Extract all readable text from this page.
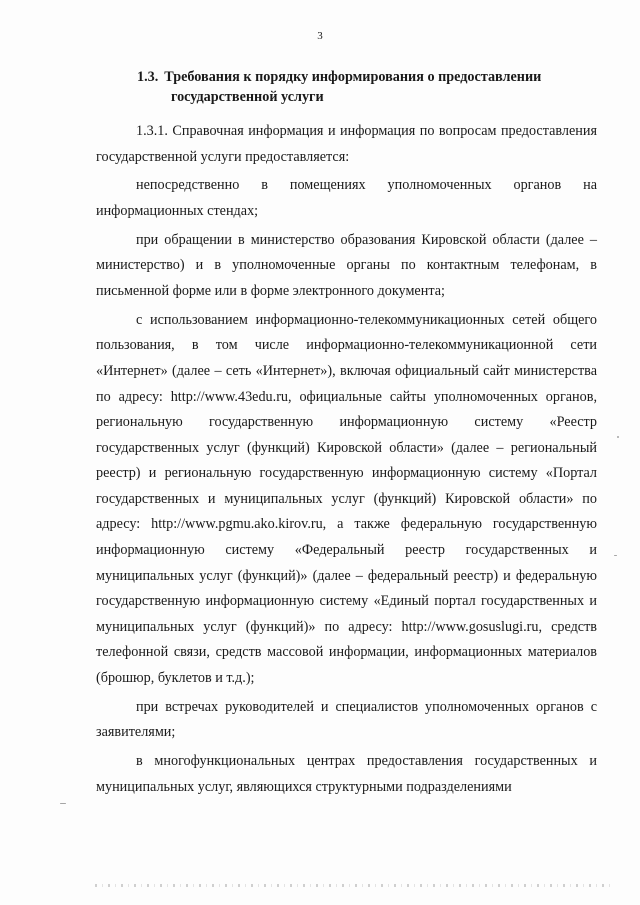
3
1.3. Требования к порядку информирования о предоставлении
государственной услуги

1.3.1. Справочная информация и информация по вопросам предоставления государственной услуги предоставляется:

непосредственно в помещениях уполномоченных органов на информационных стендах;

при обращении в министерство образования Кировской области (далее – министерство) и в уполномоченные органы по контактным телефонам, в письменной форме или в форме электронного документа;

с использованием информационно-телекоммуникационных сетей общего пользования, в том числе информационно-телекоммуникационной сети «Интернет» (далее – сеть «Интернет»), включая официальный сайт министерства по адресу: http://www.43edu.ru, официальные сайты уполномоченных органов, региональную государственную информационную систему «Реестр государственных услуг (функций) Кировской области» (далее – региональный реестр) и региональную государственную информационную систему «Портал государственных и муниципальных услуг (функций) Кировской области» по адресу: http://www.pgmu.ako.kirov.ru, а также федеральную государственную информационную систему «Федеральный реестр государственных и муниципальных услуг (функций)» (далее – федеральный реестр) и федеральную государственную информационную систему «Единый портал государственных и муниципальных услуг (функций)» по адресу: http://www.gosuslugi.ru, средств телефонной связи, средств массовой информации, информационных материалов (брошюр, буклетов и т.д.);

при встречах руководителей и специалистов уполномоченных органов с заявителями;

в многофункциональных центрах предоставления государственных и муниципальных услуг, являющихся структурными подразделениями
